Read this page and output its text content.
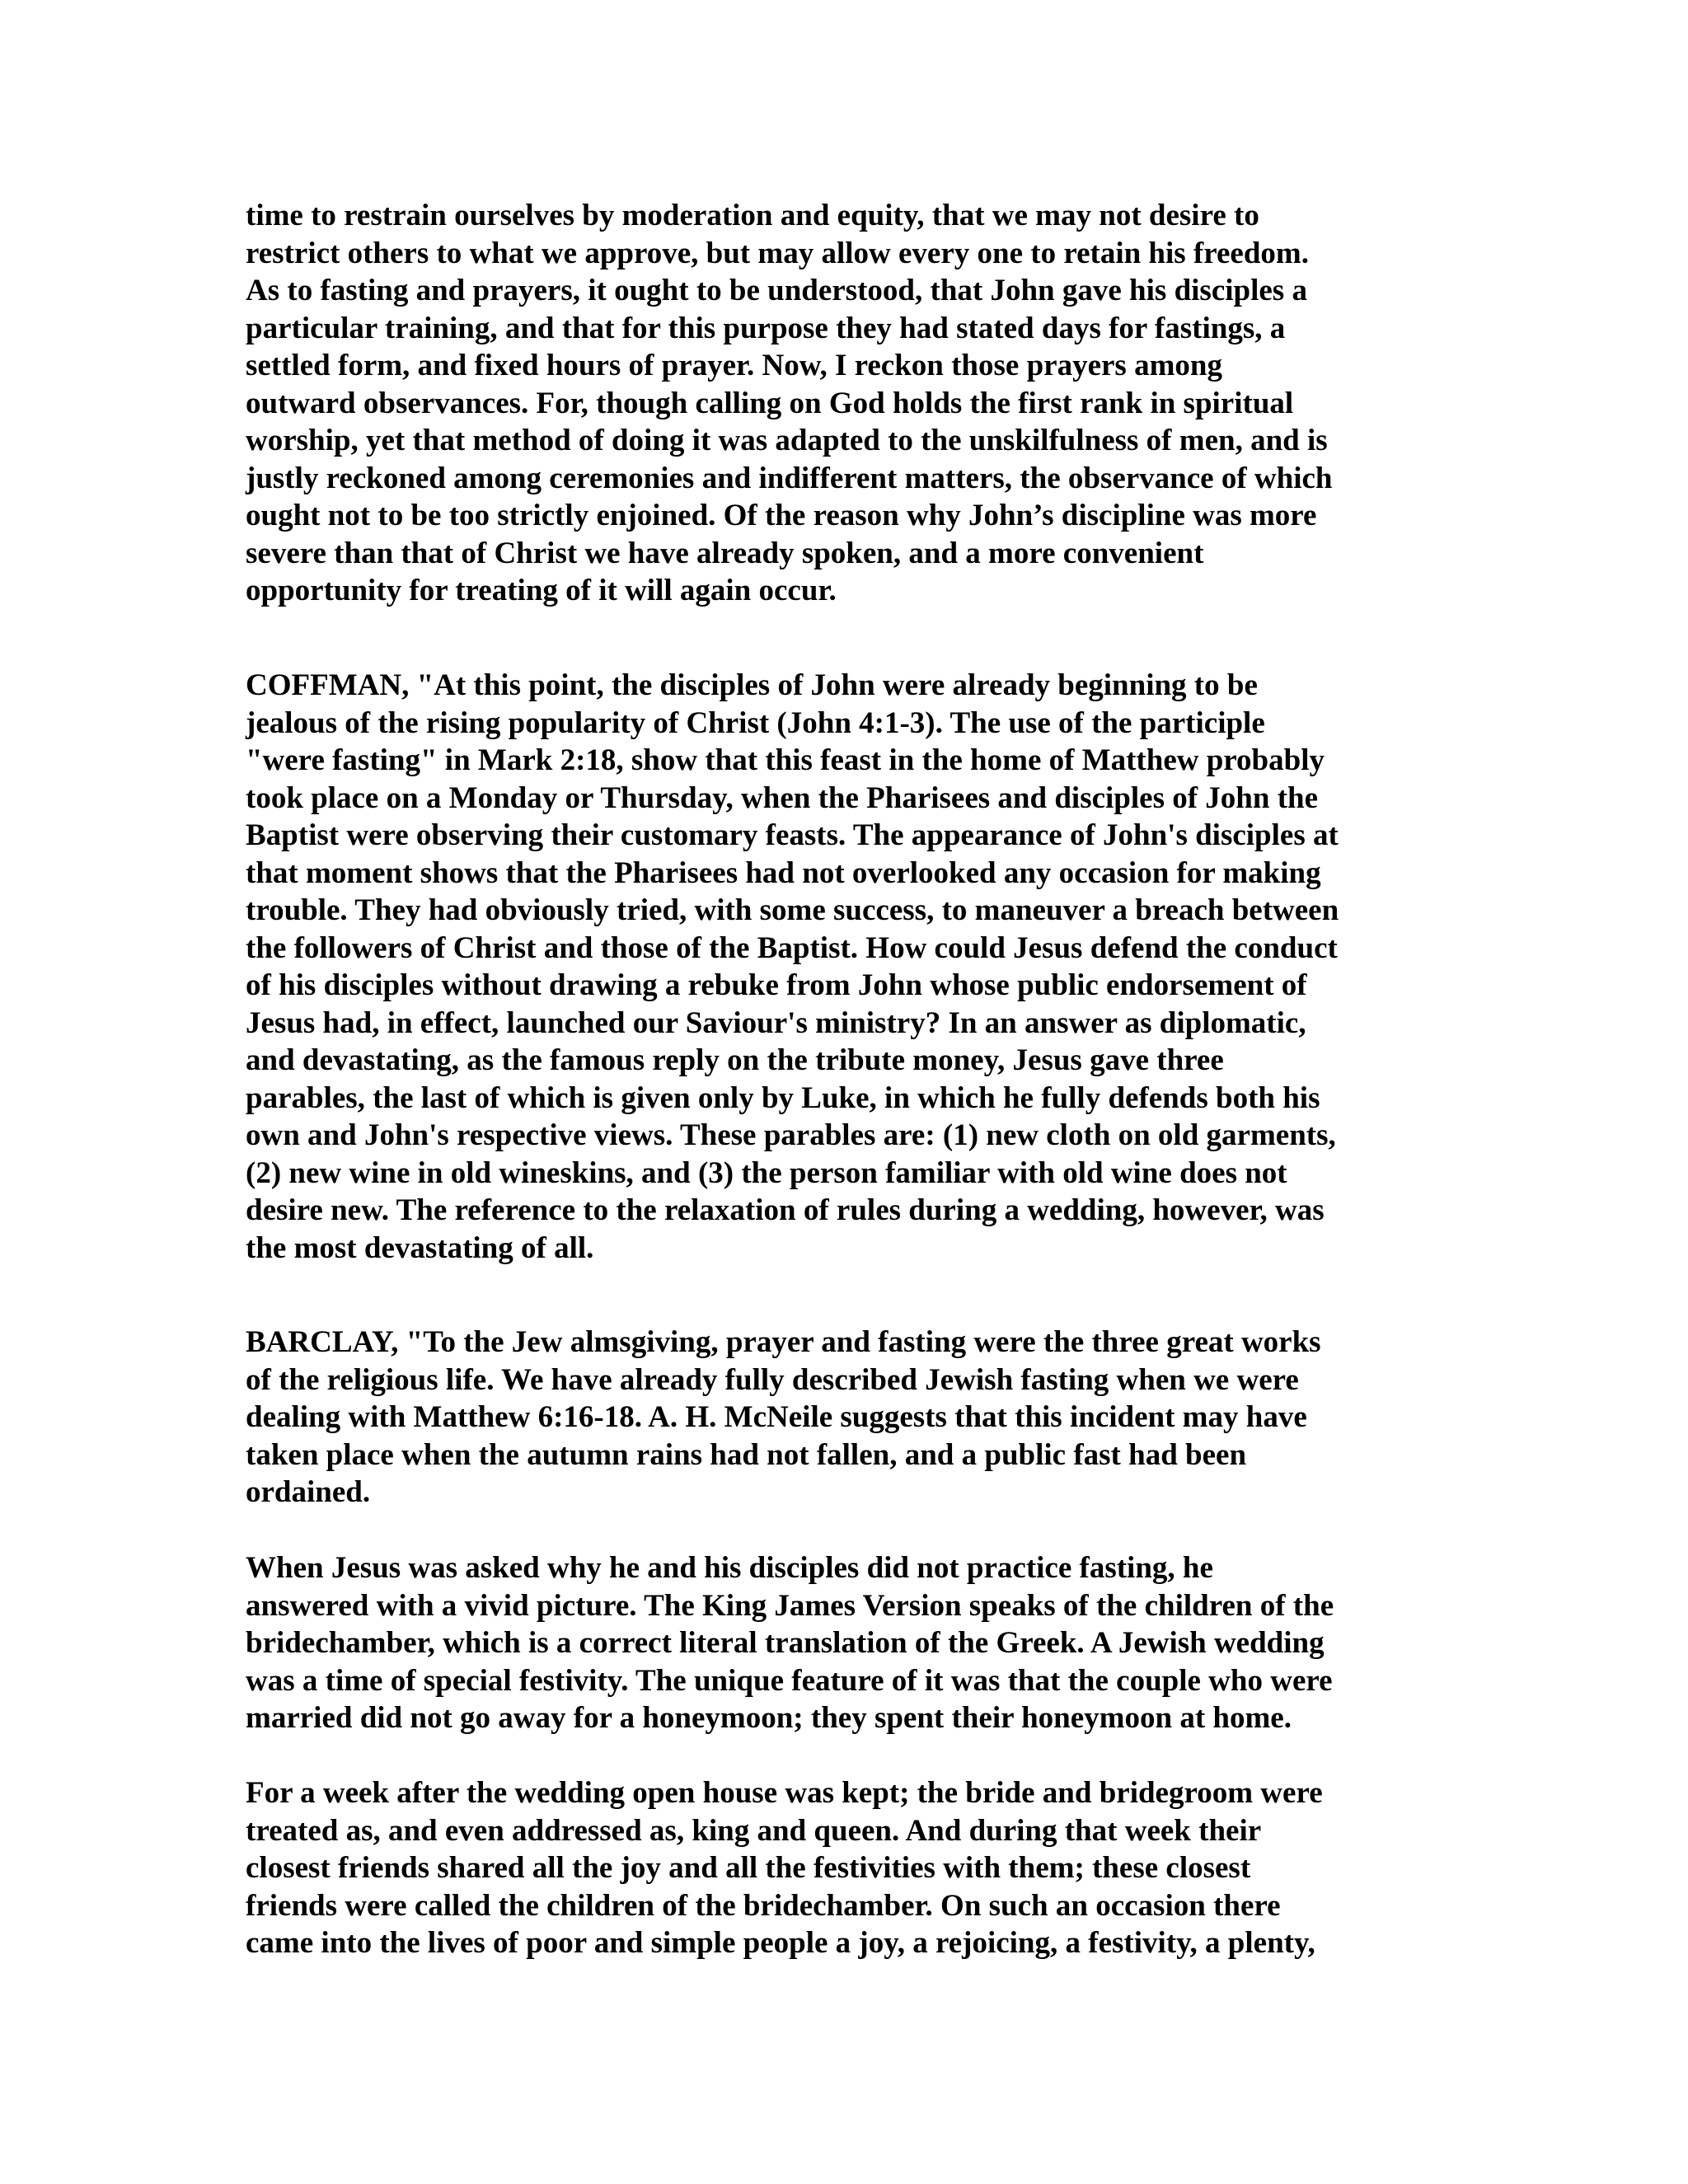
time to restrain ourselves by moderation and equity, that we may not desire to
restrict others to what we approve, but may allow every one to retain his freedom.
As to fasting and prayers, it ought to be understood, that John gave his disciples a
particular training, and that for this purpose they had stated days for fastings, a
settled form, and fixed hours of prayer. Now, I reckon those prayers among
outward observances. For, though calling on God holds the first rank in spiritual
worship, yet that method of doing it was adapted to the unskilfulness of men, and is
justly reckoned among ceremonies and indifferent matters, the observance of which
ought not to be too strictly enjoined. Of the reason why John’s discipline was more
severe than that of Christ we have already spoken, and a more convenient
opportunity for treating of it will again occur.
COFFMAN, "At this point, the disciples of John were already beginning to be
jealous of the rising popularity of Christ (John 4:1-3). The use of the participle
"were fasting" in Mark 2:18, show that this feast in the home of Matthew probably
took place on a Monday or Thursday, when the Pharisees and disciples of John the
Baptist were observing their customary feasts. The appearance of John's disciples at
that moment shows that the Pharisees had not overlooked any occasion for making
trouble. They had obviously tried, with some success, to maneuver a breach between
the followers of Christ and those of the Baptist. How could Jesus defend the conduct
of his disciples without drawing a rebuke from John whose public endorsement of
Jesus had, in effect, launched our Saviour's ministry? In an answer as diplomatic,
and devastating, as the famous reply on the tribute money, Jesus gave three
parables, the last of which is given only by Luke, in which he fully defends both his
own and John's respective views. These parables are: (1) new cloth on old garments,
(2) new wine in old wineskins, and (3) the person familiar with old wine does not
desire new. The reference to the relaxation of rules during a wedding, however, was
the most devastating of all.
BARCLAY, "To the Jew almsgiving, prayer and fasting were the three great works
of the religious life. We have already fully described Jewish fasting when we were
dealing with Matthew 6:16-18. A. H. McNeile suggests that this incident may have
taken place when the autumn rains had not fallen, and a public fast had been
ordained.
When Jesus was asked why he and his disciples did not practice fasting, he
answered with a vivid picture. The King James Version speaks of the children of the
bridechamber, which is a correct literal translation of the Greek. A Jewish wedding
was a time of special festivity. The unique feature of it was that the couple who were
married did not go away for a honeymoon; they spent their honeymoon at home.
For a week after the wedding open house was kept; the bride and bridegroom were
treated as, and even addressed as, king and queen. And during that week their
closest friends shared all the joy and all the festivities with them; these closest
friends were called the children of the bridechamber. On such an occasion there
came into the lives of poor and simple people a joy, a rejoicing, a festivity, a plenty,
